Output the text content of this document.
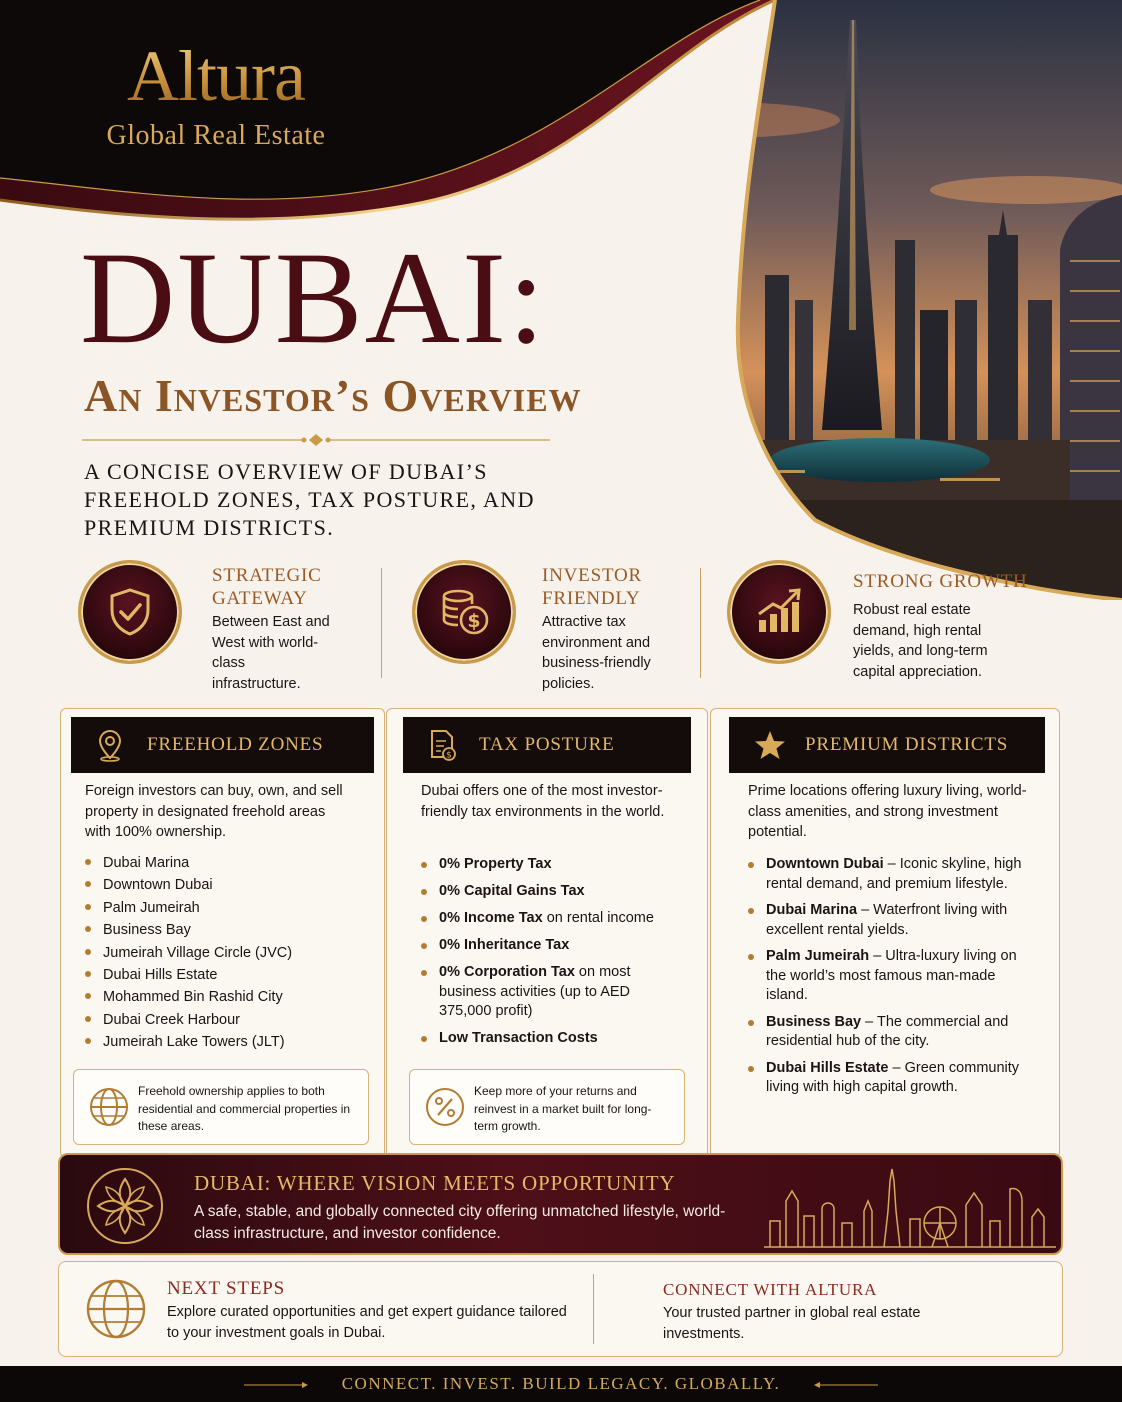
Altura
Global Real Estate
DUBAI:
An Investor’s Overview

A CONCISE OVERVIEW OF DUBAI’S FREEHOLD ZONES, TAX POSTURE, AND PREMIUM DISTRICTS.

STRATEGIC GATEWAY
Between East and West with world-class infrastructure.
$
INVESTOR FRIENDLY
Attractive tax environment and business-friendly policies.
STRONG GROWTH
Robust real estate demand, high rental yields, and long-term capital appreciation.
FREEHOLD ZONES

Foreign investors can buy, own, and sell property in designated freehold areas with 100% ownership.

Dubai Marina
Downtown Dubai
Palm Jumeirah
Business Bay
Jumeirah Village Circle (JVC)
Dubai Hills Estate
Mohammed Bin Rashid City
Dubai Creek Harbour
Jumeirah Lake Towers (JLT)

Freehold ownership applies to both residential and commercial properties in these areas.

$
TAX POSTURE

Dubai offers one of the most investor-friendly tax environments in the world.

0% Property Tax
0% Capital Gains Tax
0% Income Tax on rental income
0% Inheritance Tax
0% Corporation Tax on most business activities (up to AED 375,000 profit)
Low Transaction Costs

Keep more of your returns and reinvest in a market built for long-term growth.

PREMIUM DISTRICTS

Prime locations offering luxury living, world-class amenities, and strong investment potential.

Downtown Dubai – Iconic skyline, high rental demand, and premium lifestyle.
Dubai Marina – Waterfront living with excellent rental yields.
Palm Jumeirah – Ultra-luxury living on the world’s most famous man-made island.
Business Bay – The commercial and residential hub of the city.
Dubai Hills Estate – Green community living with high capital growth.
DUBAI: WHERE VISION MEETS OPPORTUNITY

A safe, stable, and globally connected city offering unmatched lifestyle, world-class infrastructure, and investor confidence.

NEXT STEPS

Explore curated opportunities and get expert guidance tailored to your investment goals in Dubai.

CONNECT WITH ALTURA

Your trusted partner in global real estate investments.

CONNECT. INVEST. BUILD LEGACY. GLOBALLY.
